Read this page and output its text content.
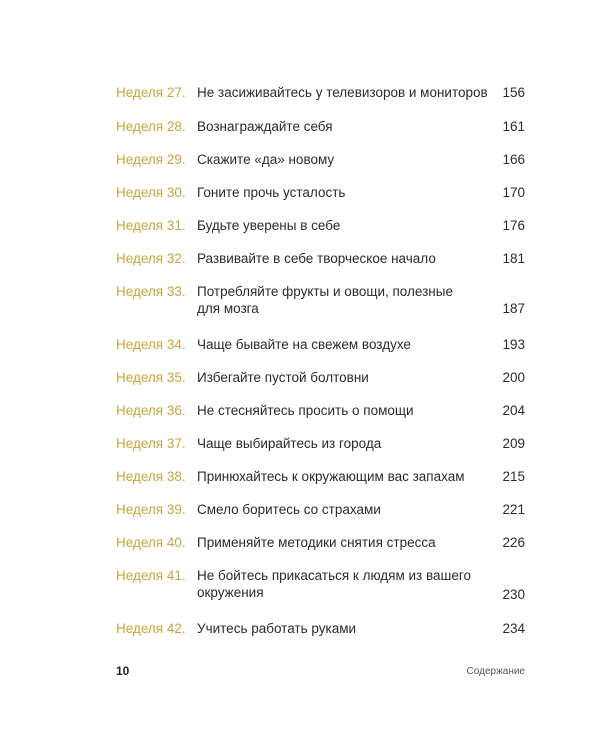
Неделя 27. Не засиживайтесь у телевизоров и мониторов	156
Неделя 28. Вознаграждайте себя	161
Неделя 29. Скажите «да» новому	166
Неделя 30. Гоните прочь усталость	170
Неделя 31. Будьте уверены в себе	176
Неделя 32. Развивайте в себе творческое начало	181
Неделя 33. Потребляйте фрукты и овощи, полезные
для мозга	187
Неделя 34. Чаще бывайте на свежем воздухе	193
Неделя 35. Избегайте пустой болтовни	200
Неделя 36. Не стесняйтесь просить о помощи	204
Неделя 37. Чаще выбирайтесь из города	209
Неделя 38. Принюхайтесь к окружающим вас запахам	215
Неделя 39. Смело боритесь со страхами	221
Неделя 40. Применяйте методики снятия стресса	226
Неделя 41. Не бойтесь прикасаться к людям из вашего
окружения	230
Неделя 42. Учитесь работать руками	234
10	Содержание
